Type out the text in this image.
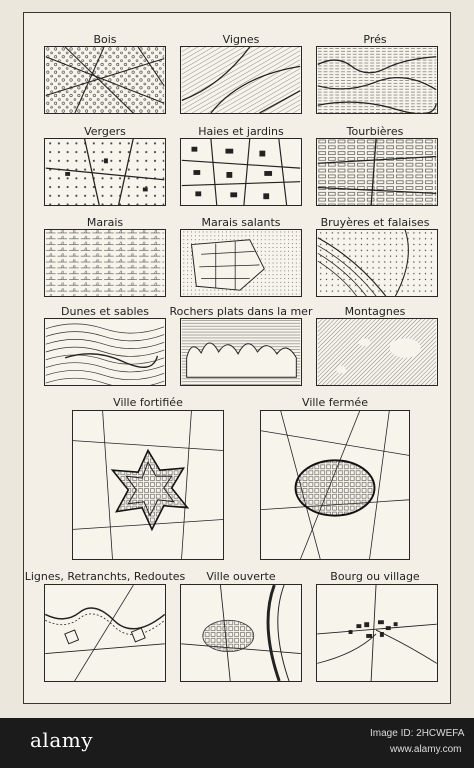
Bois	Vignes	Prés
Vergers	Haies et jardins	Tourbières
Marais	Marais salants	Bruyères et falaises
Dunes et sables Rochers plats dans la mer	Montagnes
Ville fortifiée	Ville fermée
Lignes, Retranchts, Redoutes Ville ouverte	Bourg ou village
alamy	Image ID: 2HCWEFA
www.alamy.com
